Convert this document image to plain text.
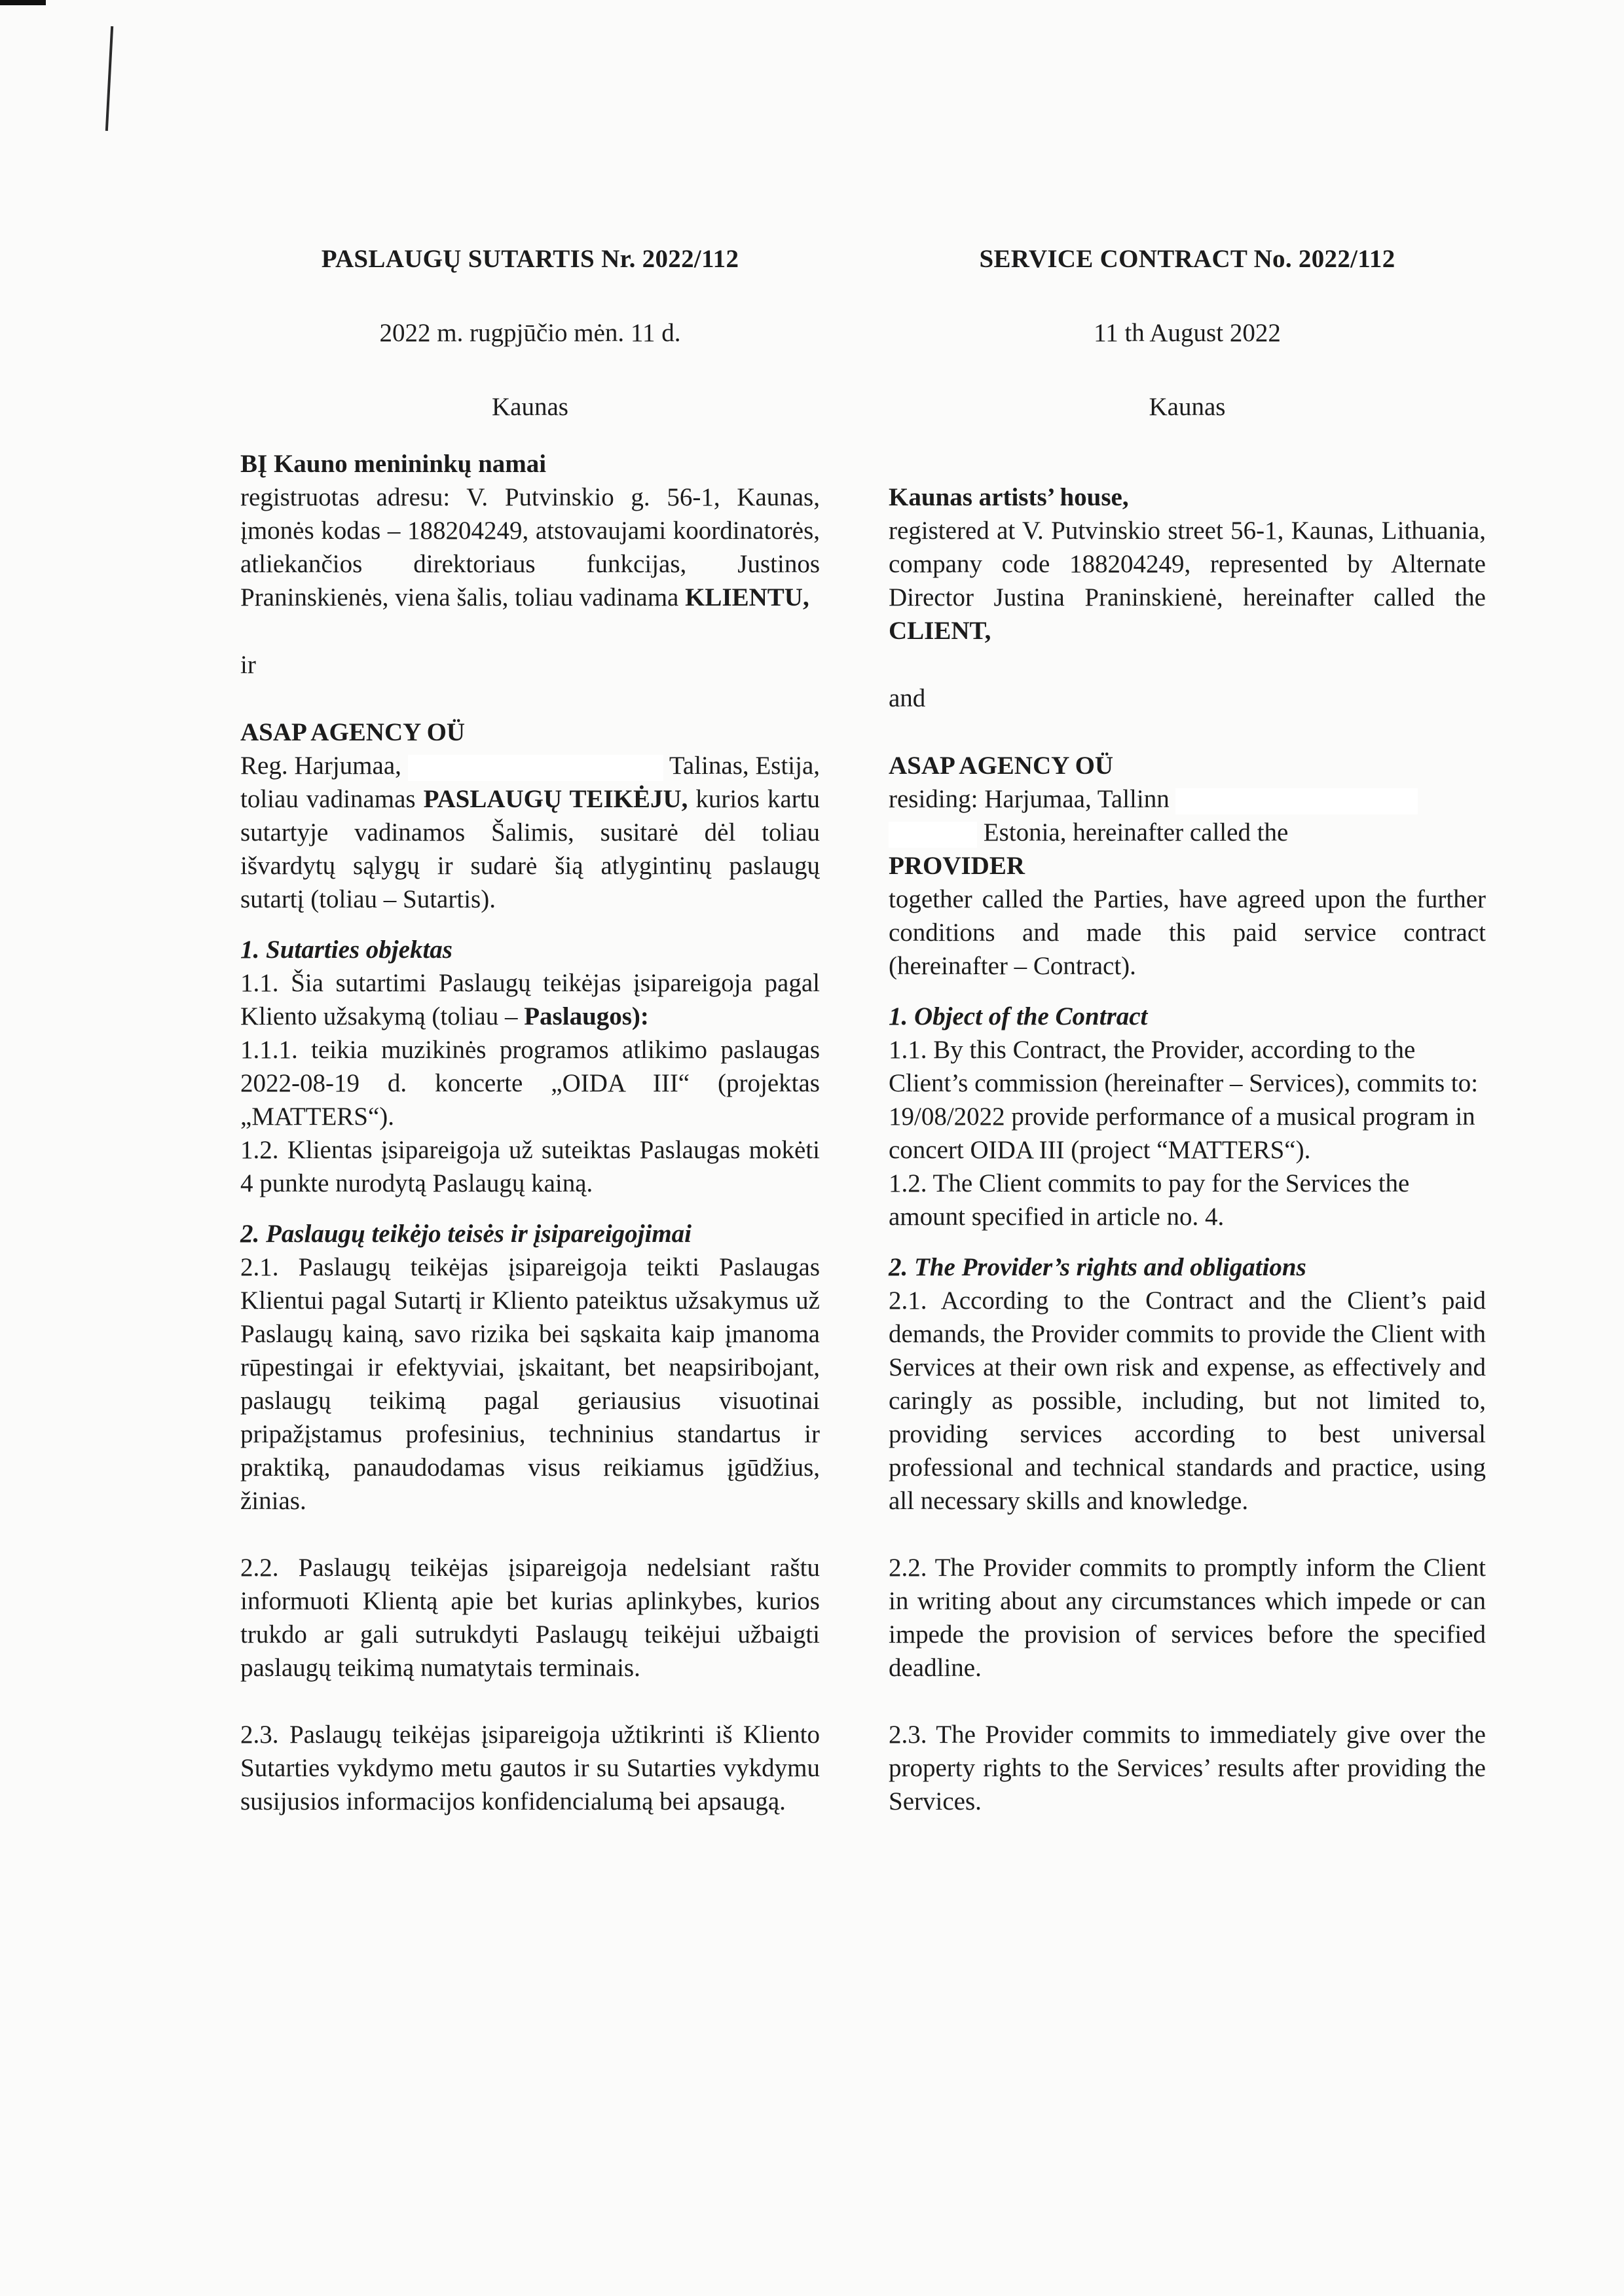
PASLAUGŲ SUTARTIS Nr. 2022/112
2022 m. rugpjūčio mėn. 11 d.
Kaunas
BĮ Kauno menininkų namai

registruotas adresu: V. Putvinskio g. 56-1, Kaunas, įmonės kodas – 188204249, atstovaujami koordinatorės, atliekančios direktoriaus funkcijas, Justinos Praninskienės, viena šalis, toliau vadinama KLIENTU,

ir
ASAP AGENCY OÜ

Reg. Harjumaa,	Talinas, Estija, toliau vadinamas PASLAUGŲ TEIKĖJU, kurios kartu sutartyje vadinamos Šalimis, susitarė dėl toliau išvardytų sąlygų ir sudarė šią atlygintinų paslaugų sutartį (toliau – Sutartis).

1. Sutarties objektas

1.1. Šia sutartimi Paslaugų teikėjas įsipareigoja pagal Kliento užsakymą (toliau – Paslaugos):

1.1.1. teikia muzikinės programos atlikimo paslaugas 2022-08-19 d. koncerte „OIDA III“ (projektas „MATTERS“).

1.2. Klientas įsipareigoja už suteiktas Paslaugas mokėti 4 punkte nurodytą Paslaugų kainą.

2. Paslaugų teikėjo teisės ir įsipareigojimai

2.1. Paslaugų teikėjas įsipareigoja teikti Paslaugas Klientui pagal Sutartį ir Kliento pateiktus užsakymus už Paslaugų kainą, savo rizika bei sąskaita kaip įmanoma rūpestingai ir efektyviai, įskaitant, bet neapsiribojant, paslaugų teikimą pagal geriausius visuotinai pripažįstamus profesinius, techninius standartus ir praktiką, panaudodamas visus reikiamus įgūdžius, žinias.

2.2. Paslaugų teikėjas įsipareigoja nedelsiant raštu informuoti Klientą apie bet kurias aplinkybes, kurios trukdo ar gali sutrukdyti Paslaugų teikėjui užbaigti paslaugų teikimą numatytais terminais.

2.3. Paslaugų teikėjas įsipareigoja užtikrinti iš Kliento Sutarties vykdymo metu gautos ir su Sutarties vykdymu susijusios informacijos konfidencialumą bei apsaugą.

SERVICE CONTRACT No. 2022/112
11 th August 2022
Kaunas
Kaunas artists’ house,

registered at V. Putvinskio street 56-1, Kaunas, Lithuania, company code 188204249, represented by Alternate Director Justina Praninskienė, hereinafter called the CLIENT,

and
ASAP AGENCY OÜ

residing: Harjumaa, Tallinn
Estonia, hereinafter called the
PROVIDER
together called the Parties, have agreed upon the further conditions and made this paid service contract (hereinafter – Contract).

1. Object of the Contract

1.1. By this Contract, the Provider, according to the Client’s commission (hereinafter – Services), commits to: 19/08/2022 provide performance of a musical program in concert OIDA III (project “MATTERS“).

1.2. The Client commits to pay for the Services the amount specified in article no. 4.

2. The Provider’s rights and obligations

2.1. According to the Contract and the Client’s paid demands, the Provider commits to provide the Client with Services at their own risk and expense, as effectively and caringly as possible, including, but not limited to, providing services according to best universal professional and technical standards and practice, using all necessary skills and knowledge.

2.2. The Provider commits to promptly inform the Client in writing about any circumstances which impede or can impede the provision of services before the specified deadline.

2.3. The Provider commits to immediately give over the property rights to the Services’ results after providing the Services.
